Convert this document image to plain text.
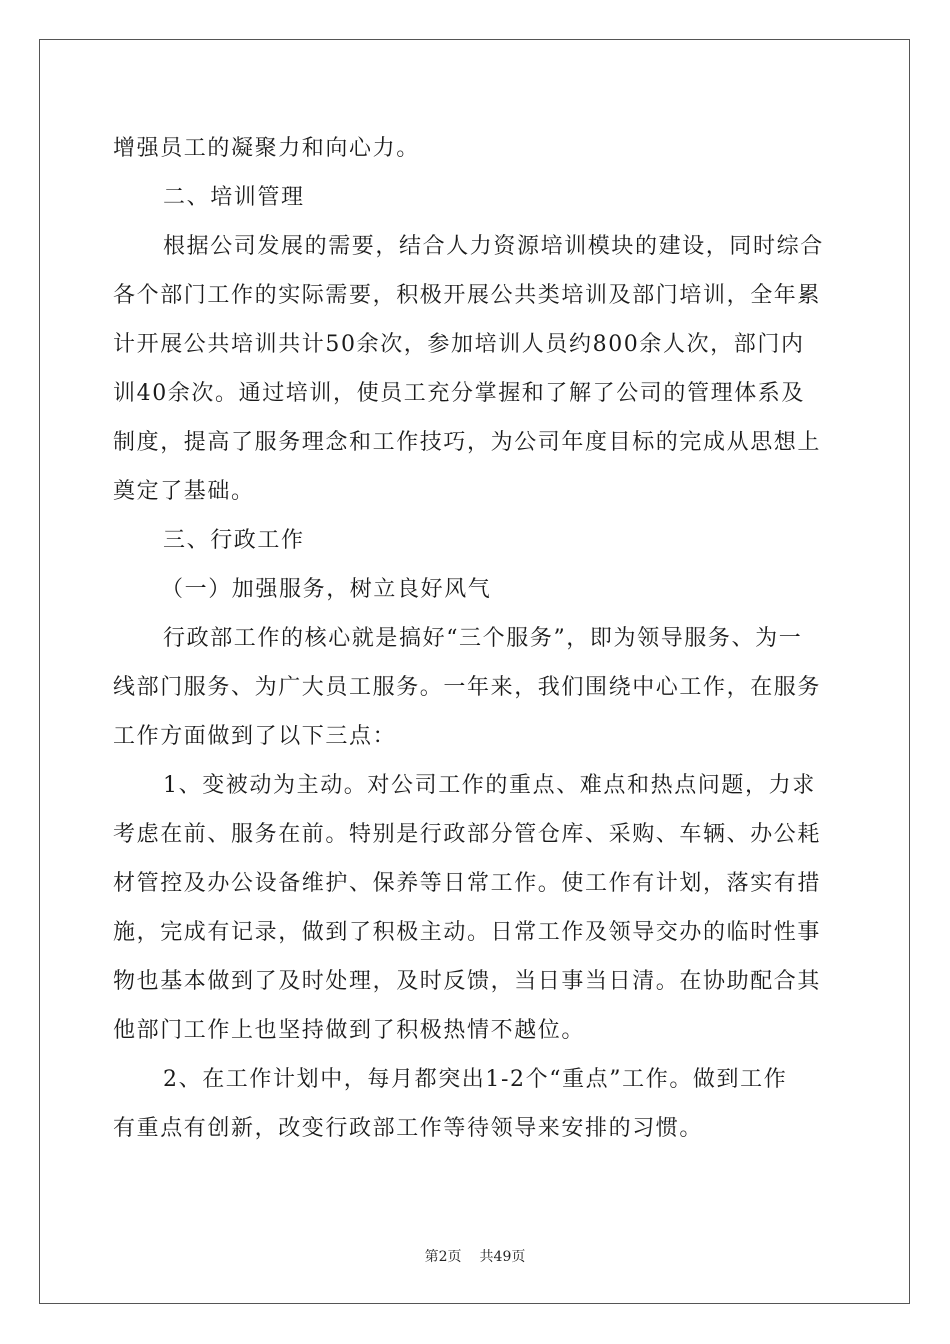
增强员工的凝聚力和向心力。
二、培训管理
根据公司发展的需要，结合人力资源培训模块的建设，同时综合
各个部门工作的实际需要，积极开展公共类培训及部门培训，全年累
计开展公共培训共计50余次，参加培训人员约800余人次，部门内
训40余次。通过培训，使员工充分掌握和了解了公司的管理体系及
制度，提高了服务理念和工作技巧，为公司年度目标的完成从思想上
奠定了基础。
三、行政工作
（一）加强服务，树立良好风气
行政部工作的核心就是搞好“三个服务”，即为领导服务、为一
线部门服务、为广大员工服务。一年来，我们围绕中心工作，在服务
工作方面做到了以下三点：
1、变被动为主动。对公司工作的重点、难点和热点问题，力求
考虑在前、服务在前。特别是行政部分管仓库、采购、车辆、办公耗
材管控及办公设备维护、保养等日常工作。使工作有计划，落实有措
施，完成有记录，做到了积极主动。日常工作及领导交办的临时性事
物也基本做到了及时处理，及时反馈，当日事当日清。在协助配合其
他部门工作上也坚持做到了积极热情不越位。
2、在工作计划中，每月都突出1-2个“重点”工作。做到工作
有重点有创新，改变行政部工作等待领导来安排的习惯。
第2页 共49页
